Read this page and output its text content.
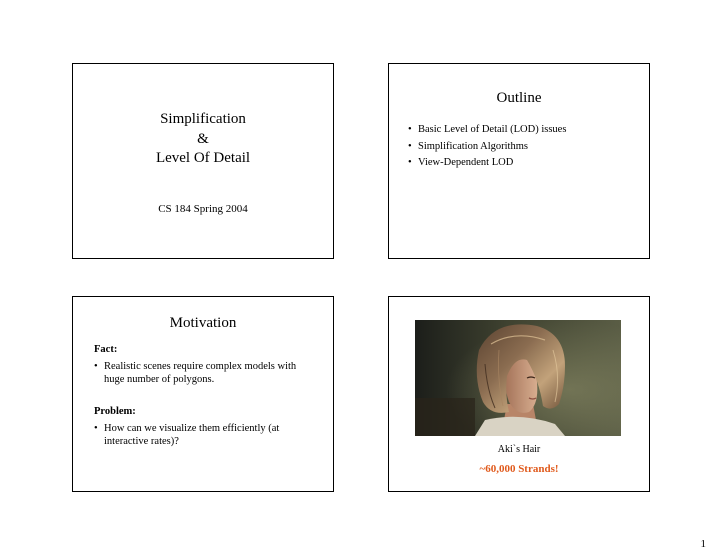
Simplification
&
Level Of Detail
CS 184 Spring 2004
Outline
• Basic Level of Detail (LOD) issues
• Simplification Algorithms
• View-Dependent LOD
Motivation
Fact:
• Realistic scenes require complex models with huge number of polygons.
Problem:
• How can we visualize them efficiently (at interactive rates)?
Aki`s Hair
~60,000 Strands!
1
